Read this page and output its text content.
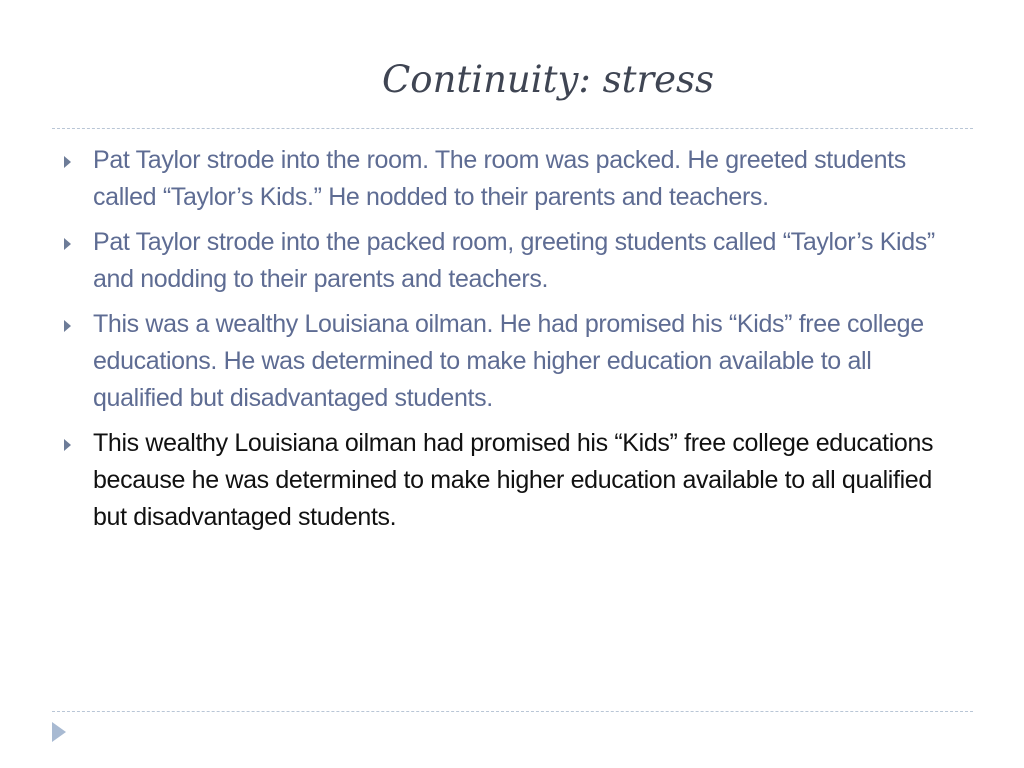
Continuity: stress
Pat Taylor strode into the room. The room was packed. He greeted students called “Taylor’s Kids.” He nodded to their parents and teachers.
Pat Taylor strode into the packed room, greeting students called “Taylor’s Kids” and nodding to their parents and teachers.
This was a wealthy Louisiana oilman. He had promised his “Kids” free college educations. He was determined to make higher education available to all qualified but disadvantaged students.
This wealthy Louisiana oilman had promised his “Kids” free college educations because he was determined to make higher education available to all qualified but disadvantaged students.
